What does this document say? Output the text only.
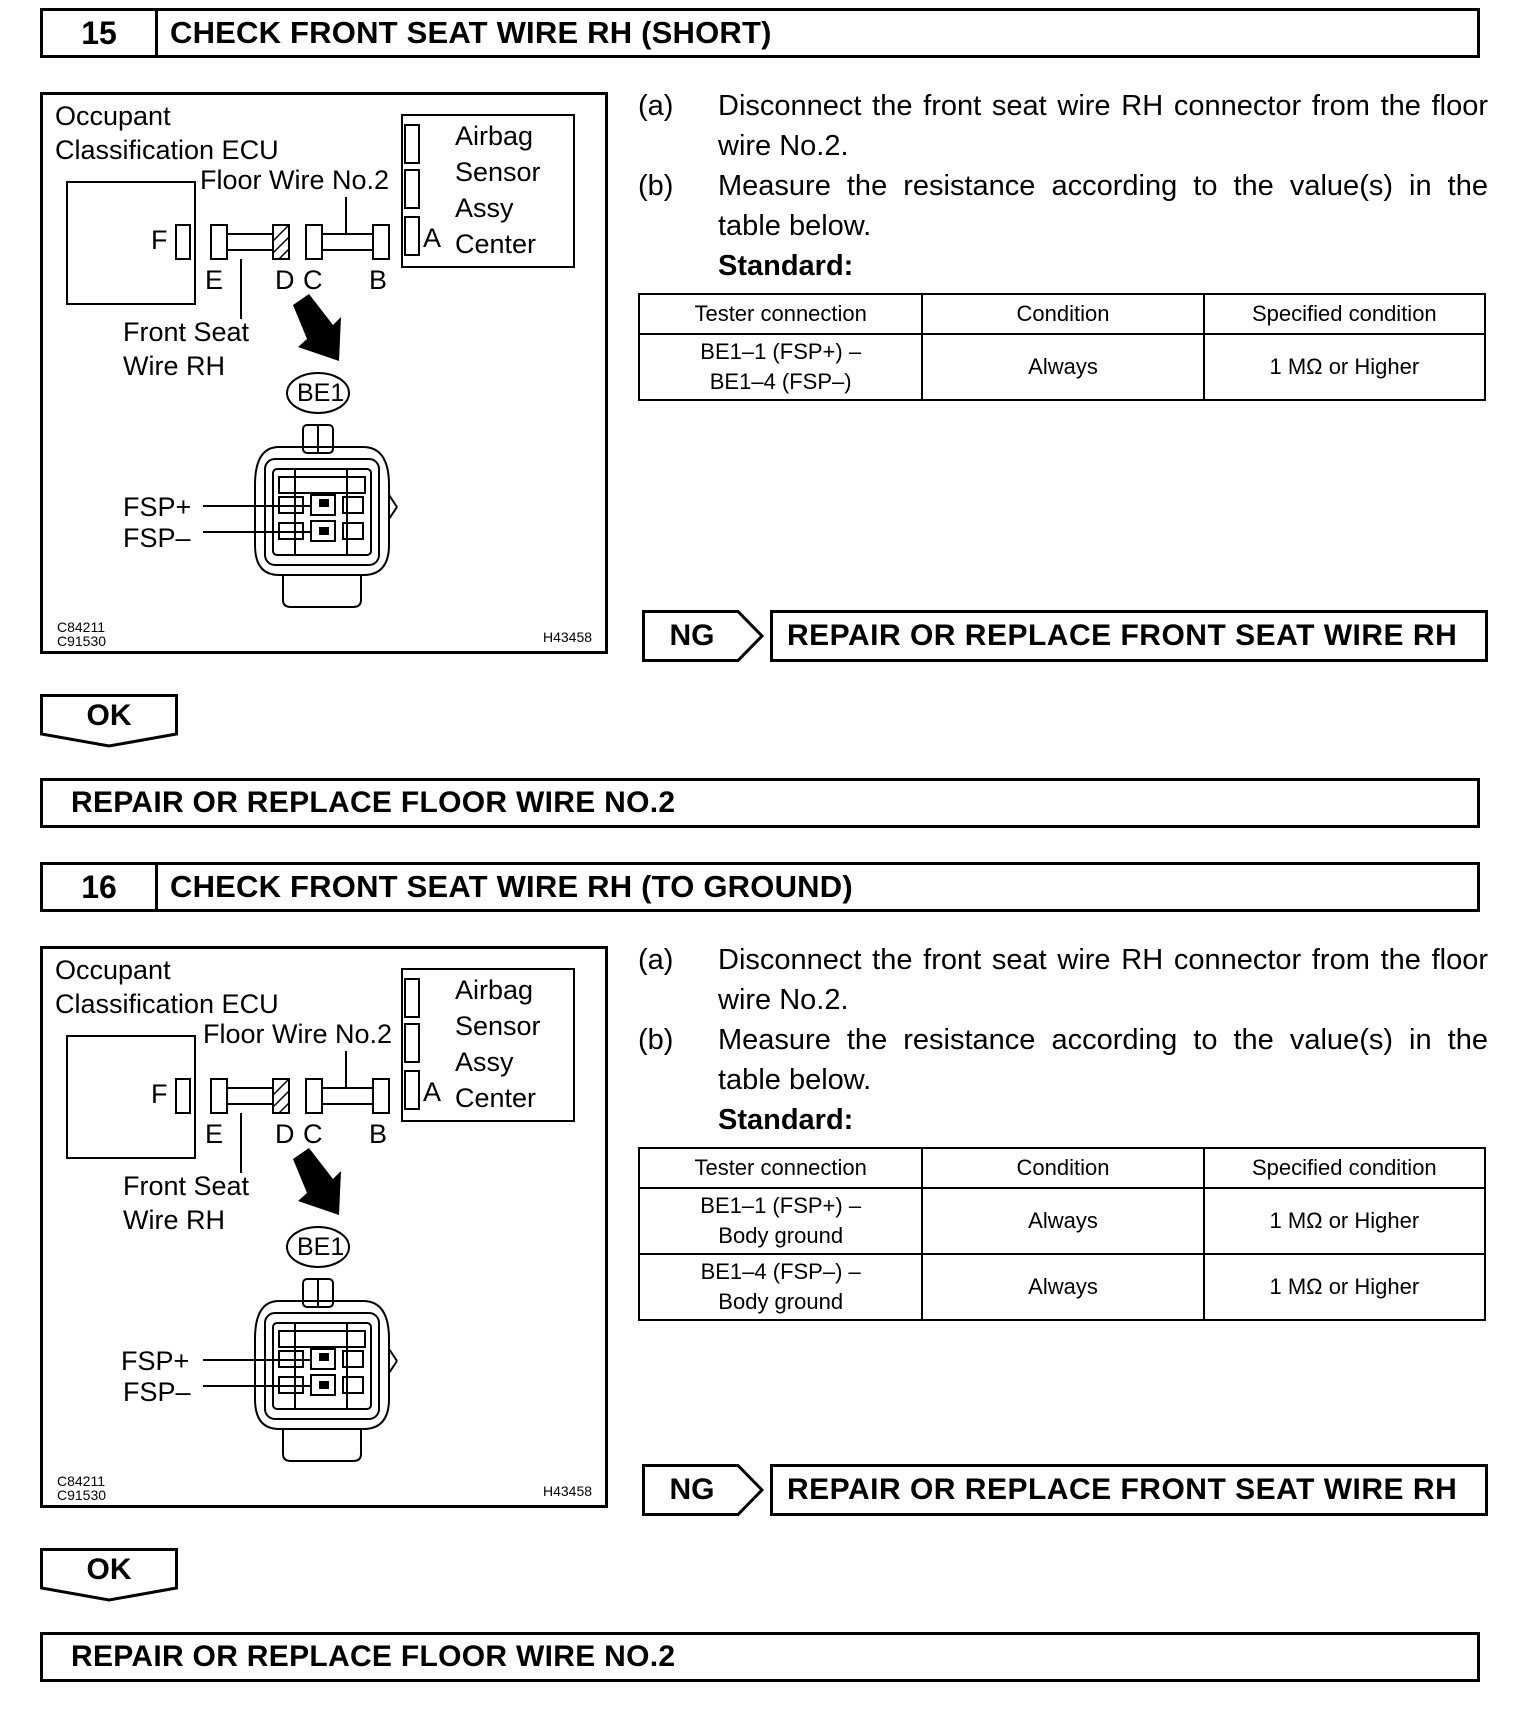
15	CHECK FRONT SEAT WIRE RH (SHORT)
Occupant
Classification ECU
Floor Wire No.2
Airbag
Sensor
Assy
Center
F	A
E D C B
Front Seat
Wire RH
BE1
FSP+
FSP–
C84211
C91530	H43458
(a)	Disconnect the front seat wire RH connector from the floor wire No.2.
(b)	Measure the resistance according to the value(s) in the table below.
Standard:
Tester connection	Condition	Specified condition
BE1–1 (FSP+) –
BE1–4 (FSP–)	Always	1 MΩ or Higher
NG	REPAIR OR REPLACE FRONT SEAT WIRE RH
OK
REPAIR OR REPLACE FLOOR WIRE NO.2
16	CHECK FRONT SEAT WIRE RH (TO GROUND)
Occupant
Classification ECU
Floor Wire No.2
Airbag
Sensor
Assy
Center
F	A
E D C B
Front Seat
Wire RH
BE1
FSP+
FSP–
C84211
C91530	H43458
(a)	Disconnect the front seat wire RH connector from the floor wire No.2.
(b)	Measure the resistance according to the value(s) in the table below.
Standard:
Tester connection	Condition	Specified condition
BE1–1 (FSP+) –
Body ground	Always	1 MΩ or Higher
BE1–4 (FSP–) –
Body ground	Always	1 MΩ or Higher
NG	REPAIR OR REPLACE FRONT SEAT WIRE RH
OK
REPAIR OR REPLACE FLOOR WIRE NO.2
